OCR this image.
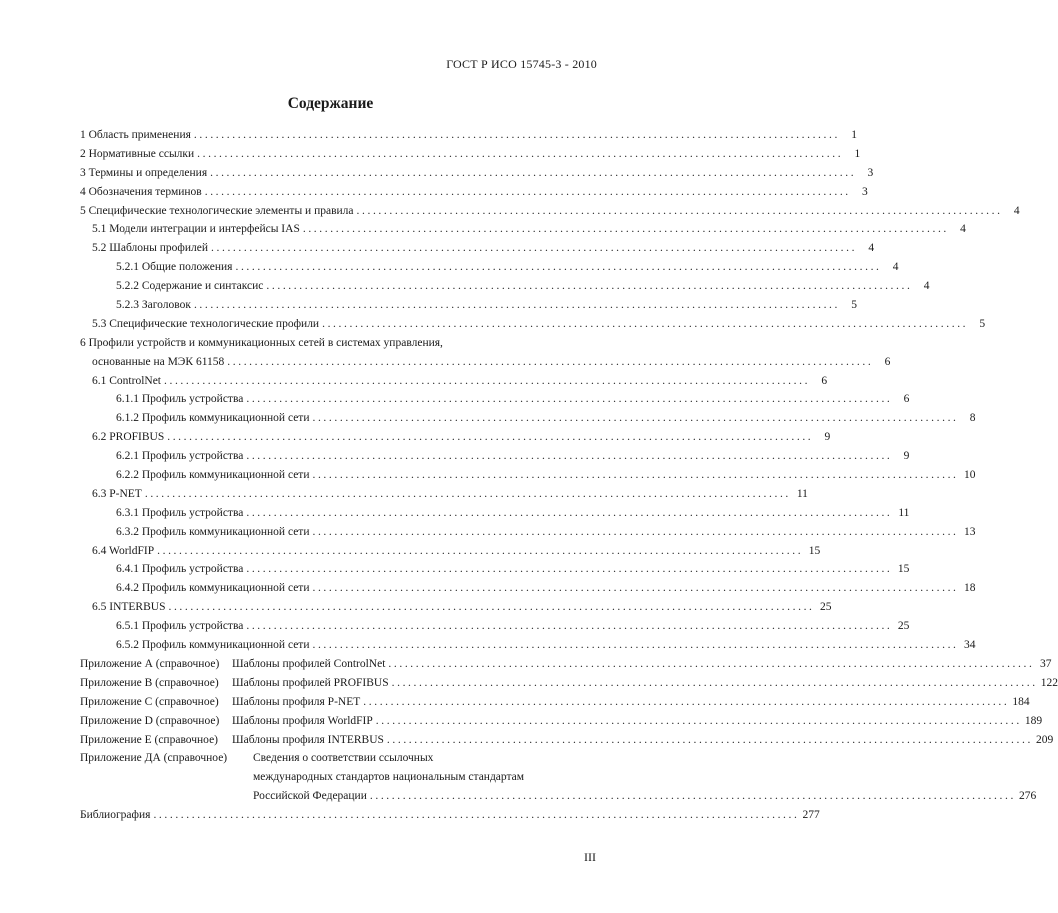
ГОСТ Р ИСО 15745-3 - 2010
Содержание
1 Область применения ...................................................................................................................... 1
2 Нормативные ссылки ...................................................................................................................... 1
3 Термины и определения ...................................................................................................................... 3
4 Обозначения терминов ...................................................................................................................... 3
5 Специфические технологические элементы и правила ...................................................................................................................... 4
5.1 Модели интеграции и интерфейсы IAS ...................................................................................................................... 4
5.2 Шаблоны профилей ...................................................................................................................... 4
5.2.1 Общие положения ...................................................................................................................... 4
5.2.2 Содержание и синтаксис ...................................................................................................................... 4
5.2.3 Заголовок ...................................................................................................................... 5
5.3 Специфические технологические профили ...................................................................................................................... 5
6 Профили устройств и коммуникационных сетей в системах управления,
основанные на МЭК 61158 ...................................................................................................................... 6
6.1 ControlNet ...................................................................................................................... 6
6.1.1 Профиль устройства ...................................................................................................................... 6
6.1.2 Профиль коммуникационной сети ...................................................................................................................... 8
6.2 PROFIBUS ...................................................................................................................... 9
6.2.1 Профиль устройства ...................................................................................................................... 9
6.2.2 Профиль коммуникационной сети ...................................................................................................................... 10
6.3 P-NET ...................................................................................................................... 11
6.3.1 Профиль устройства ...................................................................................................................... 11
6.3.2 Профиль коммуникационной сети ...................................................................................................................... 13
6.4 WorldFIP ...................................................................................................................... 15
6.4.1 Профиль устройства ...................................................................................................................... 15
6.4.2 Профиль коммуникационной сети ...................................................................................................................... 18
6.5 INTERBUS ...................................................................................................................... 25
6.5.1 Профиль устройства ...................................................................................................................... 25
6.5.2 Профиль коммуникационной сети ...................................................................................................................... 34
Приложение А (справочное) Шаблоны профилей ControlNet ...................................................................................................................... 37
Приложение В (справочное) Шаблоны профилей PROFIBUS ...................................................................................................................... 122
Приложение С (справочное) Шаблоны профиля P-NET ...................................................................................................................... 184
Приложение D (справочное) Шаблоны профиля WorldFIP ...................................................................................................................... 189
Приложение Е (справочное) Шаблоны профиля INTERBUS ...................................................................................................................... 209
Приложение ДА (справочное) Сведения о соответствии ссылочных
международных стандартов национальным стандартам
Российской Федерации ...................................................................................................................... 276
Библиография ...................................................................................................................... 277
III
